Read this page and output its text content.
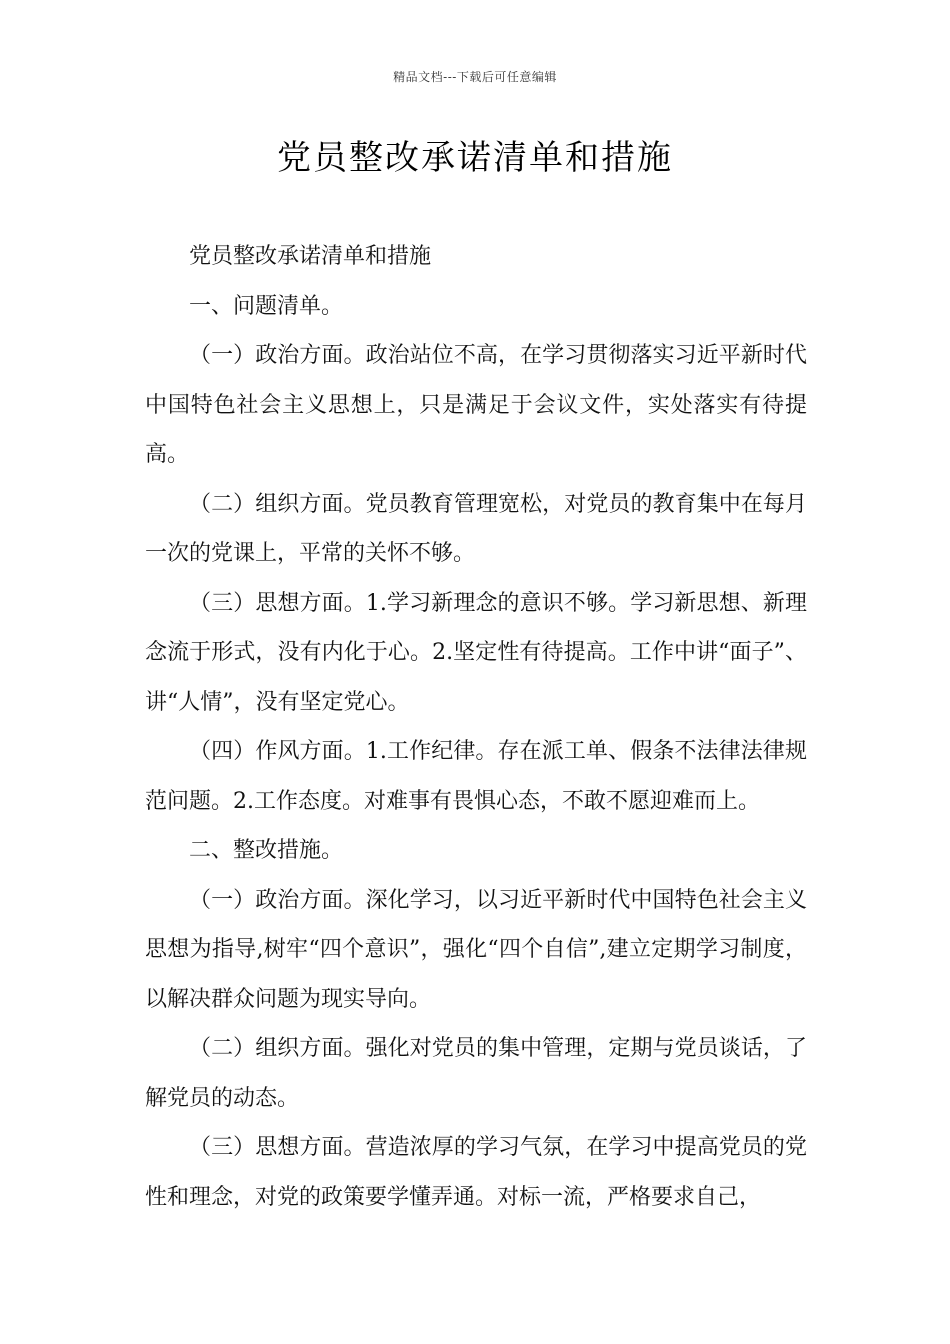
精品文档---下载后可任意编辑
党员整改承诺清单和措施

党员整改承诺清单和措施

一、问题清单。

（一）政治方面。政治站位不高，在学习贯彻落实习近平新时代中国特色社会主义思想上，只是满足于会议文件，实处落实有待提高。

（二）组织方面。党员教育管理宽松，对党员的教育集中在每月一次的党课上，平常的关怀不够。

（三）思想方面。1.学习新理念的意识不够。学习新思想、新理念流于形式，没有内化于心。2.坚定性有待提高。工作中讲“面子”、讲“人情”，没有坚定党心。

（四）作风方面。1.工作纪律。存在派工单、假条不法律法律规范问题。2.工作态度。对难事有畏惧心态，不敢不愿迎难而上。

二、整改措施。

（一）政治方面。深化学习，以习近平新时代中国特色社会主义思想为指导,树牢“四个意识”，强化“四个自信”,建立定期学习制度，以解决群众问题为现实导向。

（二）组织方面。强化对党员的集中管理，定期与党员谈话，了解党员的动态。

（三）思想方面。营造浓厚的学习气氛，在学习中提高党员的党性和理念，对党的政策要学懂弄通。对标一流，严格要求自己，
